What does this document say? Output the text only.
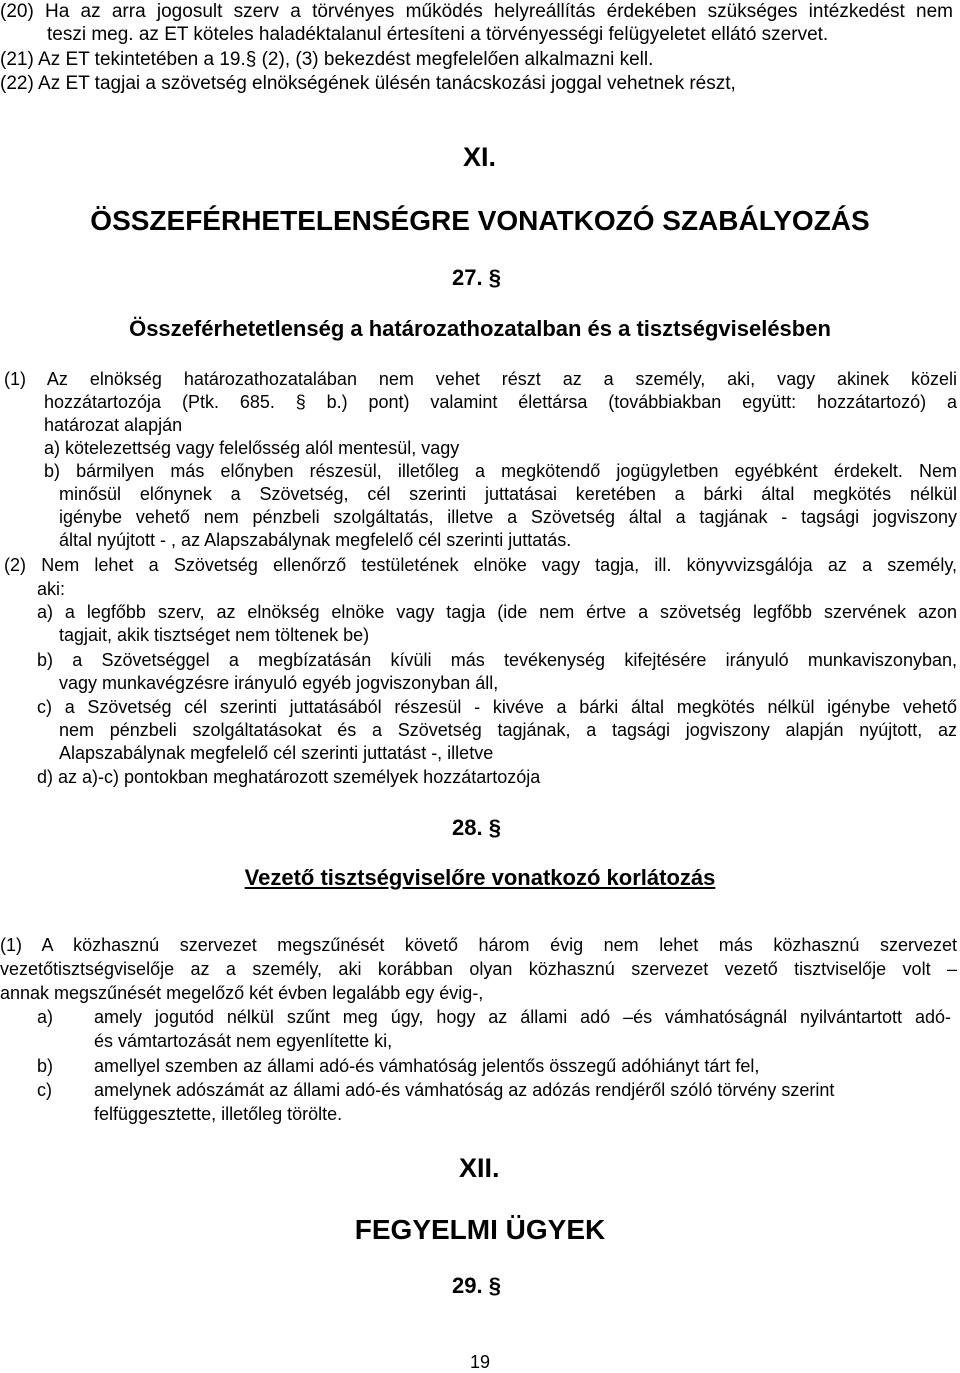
(20) Ha az arra jogosult szerv a törvényes működés helyreállítás érdekében szükséges intézkedést nem
teszi meg. az ET köteles haladéktalanul értesíteni a törvényességi felügyeletet ellátó szervet.
(21) Az ET tekintetében a 19.§ (2), (3) bekezdést megfelelően alkalmazni kell.
(22) Az ET tagjai a szövetség elnökségének ülésén tanácskozási joggal vehetnek részt,
XI.
ÖSSZEFÉRHETELENSÉGRE VONATKOZÓ SZABÁLYOZÁS
27. §
Összeférhetetlenség a határozathozatalban és a tisztségviselésben
(1) Az elnökség határozathozatalában nem vehet részt az a személy, aki, vagy akinek közeli
hozzátartozója (Ptk. 685. § b.) pont) valamint élettársa (továbbiakban együtt: hozzátartozó) a
határozat alapján
a) kötelezettség vagy felelősség alól mentesül, vagy
b) bármilyen más előnyben részesül, illetőleg a megkötendő jogügyletben egyébként érdekelt. Nem
minősül előnynek a Szövetség, cél szerinti juttatásai keretében a bárki által megkötés nélkül
igénybe vehető nem pénzbeli szolgáltatás, illetve a Szövetség által a tagjának - tagsági jogviszony
által nyújtott - , az Alapszabálynak megfelelő cél szerinti juttatás.
(2) Nem lehet a Szövetség ellenőrző testületének elnöke vagy tagja, ill. könyvvizsgálója az a személy,
aki:
a) a legfőbb szerv, az elnökség elnöke vagy tagja (ide nem értve a szövetség legfőbb szervének azon
tagjait, akik tisztséget nem töltenek be)
b) a Szövetséggel a megbízatásán kívüli más tevékenység kifejtésére irányuló munkaviszonyban,
vagy munkavégzésre irányuló egyéb jogviszonyban áll,
c) a Szövetség cél szerinti juttatásából részesül - kivéve a bárki által megkötés nélkül igénybe vehető
nem pénzbeli szolgáltatásokat és a Szövetség tagjának, a tagsági jogviszony alapján nyújtott, az
Alapszabálynak megfelelő cél szerinti juttatást -, illetve
d) az a)-c) pontokban meghatározott személyek hozzátartozója
28. §
Vezető tisztségviselőre vonatkozó korlátozás
(1) A közhasznú szervezet megszűnését követő három évig nem lehet más közhasznú szervezet
vezetőtisztségviselője az a személy, aki korábban olyan közhasznú szervezet vezető tisztviselője volt –
annak megszűnését megelőző két évben legalább egy évig-,
a) amely jogutód nélkül szűnt meg úgy, hogy az állami adó –és vámhatóságnál nyilvántartott adó-
és vámtartozását nem egyenlítette ki,
b) amellyel szemben az állami adó-és vámhatóság jelentős összegű adóhiányt tárt fel,
c) amelynek adószámát az állami adó-és vámhatóság az adózás rendjéről szóló törvény szerint
felfüggesztette, illetőleg törölte.
XII.
FEGYELMI ÜGYEK
29. §
19
